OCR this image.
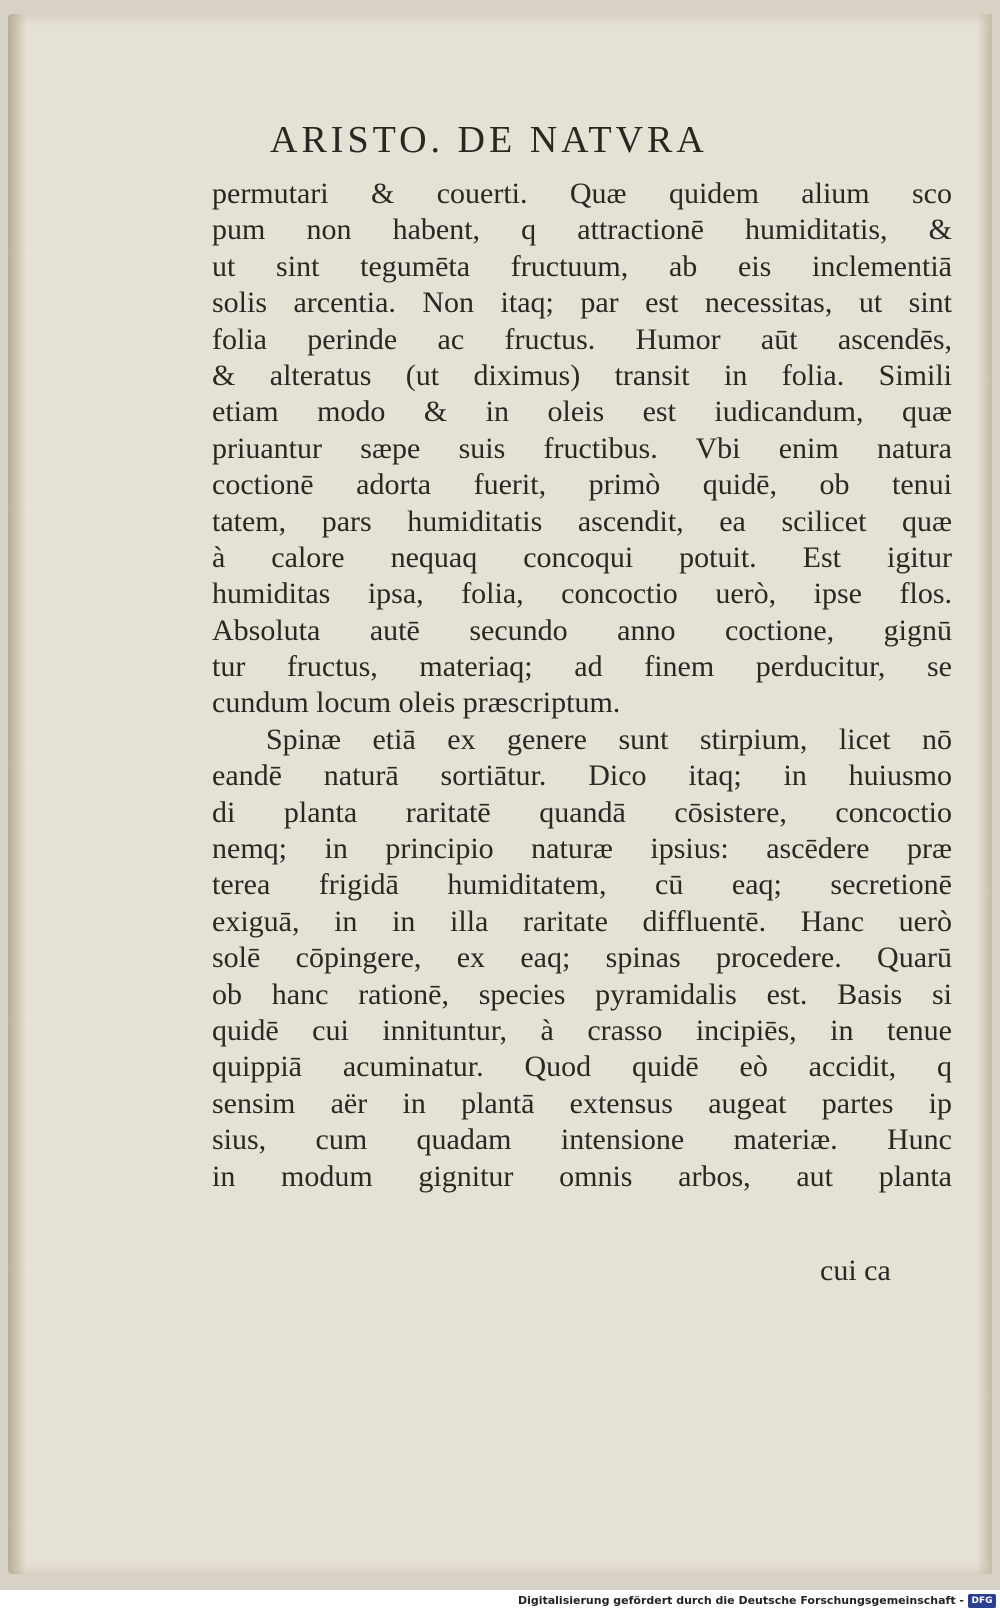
ARISTO. DE NATVRA
permutari & couerti. Quæ quidem alium sco
pum non habent, q attractionē humiditatis, &
ut sint tegumēta fructuum, ab eis inclementiā
solis arcentia. Non itaq; par est necessitas, ut sint
folia perinde ac fructus. Humor aūt ascendēs,
& alteratus (ut diximus) transit in folia. Simili
etiam modo & in oleis est iudicandum, quæ
priuantur sæpe suis fructibus. Vbi enim natura
coctionē adorta fuerit, primò quidē, ob tenui
tatem, pars humiditatis ascendit, ea scilicet quæ
à calore nequaq concoqui potuit. Est igitur
humiditas ipsa, folia, concoctio uerò, ipse flos.
Absoluta autē secundo anno coctione, gignū
tur fructus, materiaq; ad finem perducitur, se
cundum locum oleis præscriptum.
Spinæ etiā ex genere sunt stirpium, licet nō
eandē naturā sortiātur. Dico itaq; in huiusmo
di planta raritatē quandā cōsistere, concoctio
nemq; in principio naturæ ipsius: ascēdere præ
terea frigidā humiditatem, cū eaq; secretionē
exiguā, in in illa raritate diffluentē. Hanc uerò
solē cōpingere, ex eaq; spinas procedere. Quarū
ob hanc rationē, species pyramidalis est. Basis si
quidē cui innituntur, à crasso incipiēs, in tenue
quippiā acuminatur. Quod quidē eò accidit, q
sensim aër in plantā extensus augeat partes ip
sius, cum quadam intensione materiæ. Hunc
in modum gignitur omnis arbos, aut planta
cui ca
Digitalisierung gefördert durch die Deutsche Forschungsgemeinschaft - DFG
